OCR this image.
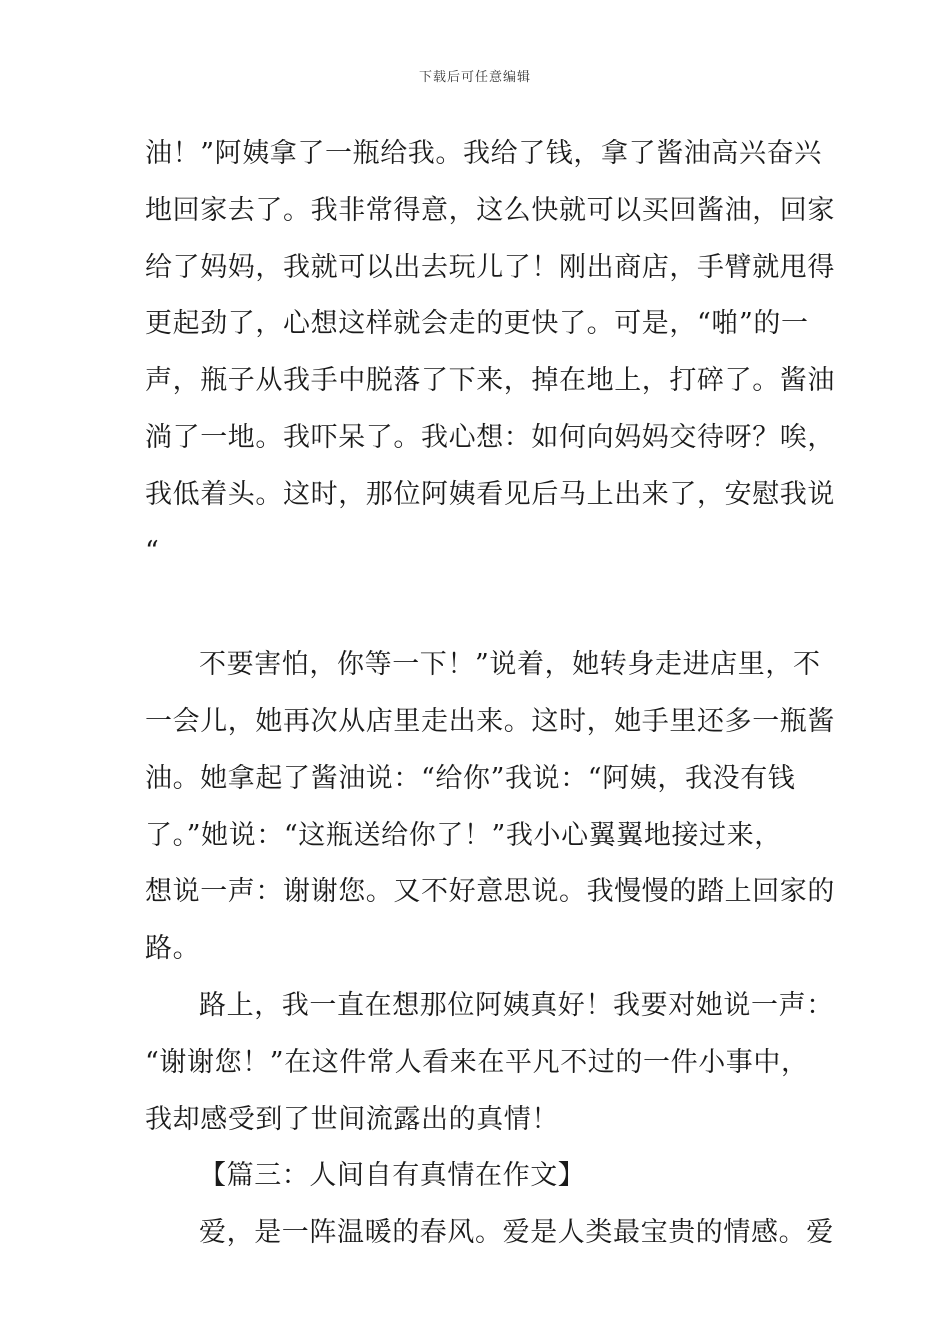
下载后可任意编辑
油！”阿姨拿了一瓶给我。我给了钱，拿了酱油高兴奋兴
地回家去了。我非常得意，这么快就可以买回酱油，回家
给了妈妈，我就可以出去玩儿了！刚出商店，手臂就甩得
更起劲了，心想这样就会走的更快了。可是，“啪”的一
声，瓶子从我手中脱落了下来，掉在地上，打碎了。酱油
淌了一地。我吓呆了。我心想：如何向妈妈交待呀？唉，
我低着头。这时，那位阿姨看见后马上出来了，安慰我说
“
不要害怕，你等一下！”说着，她转身走进店里，不
一会儿，她再次从店里走出来。这时，她手里还多一瓶酱
油。她拿起了酱油说：“给你”我说：“阿姨，我没有钱
了。”她说：“这瓶送给你了！”我小心翼翼地接过来，
想说一声：谢谢您。又不好意思说。我慢慢的踏上回家的
路。
路上，我一直在想那位阿姨真好！我要对她说一声：
“谢谢您！”在这件常人看来在平凡不过的一件小事中，
我却感受到了世间流露出的真情！
【篇三：人间自有真情在作文】
爱，是一阵温暖的春风。爱是人类最宝贵的情感。爱
